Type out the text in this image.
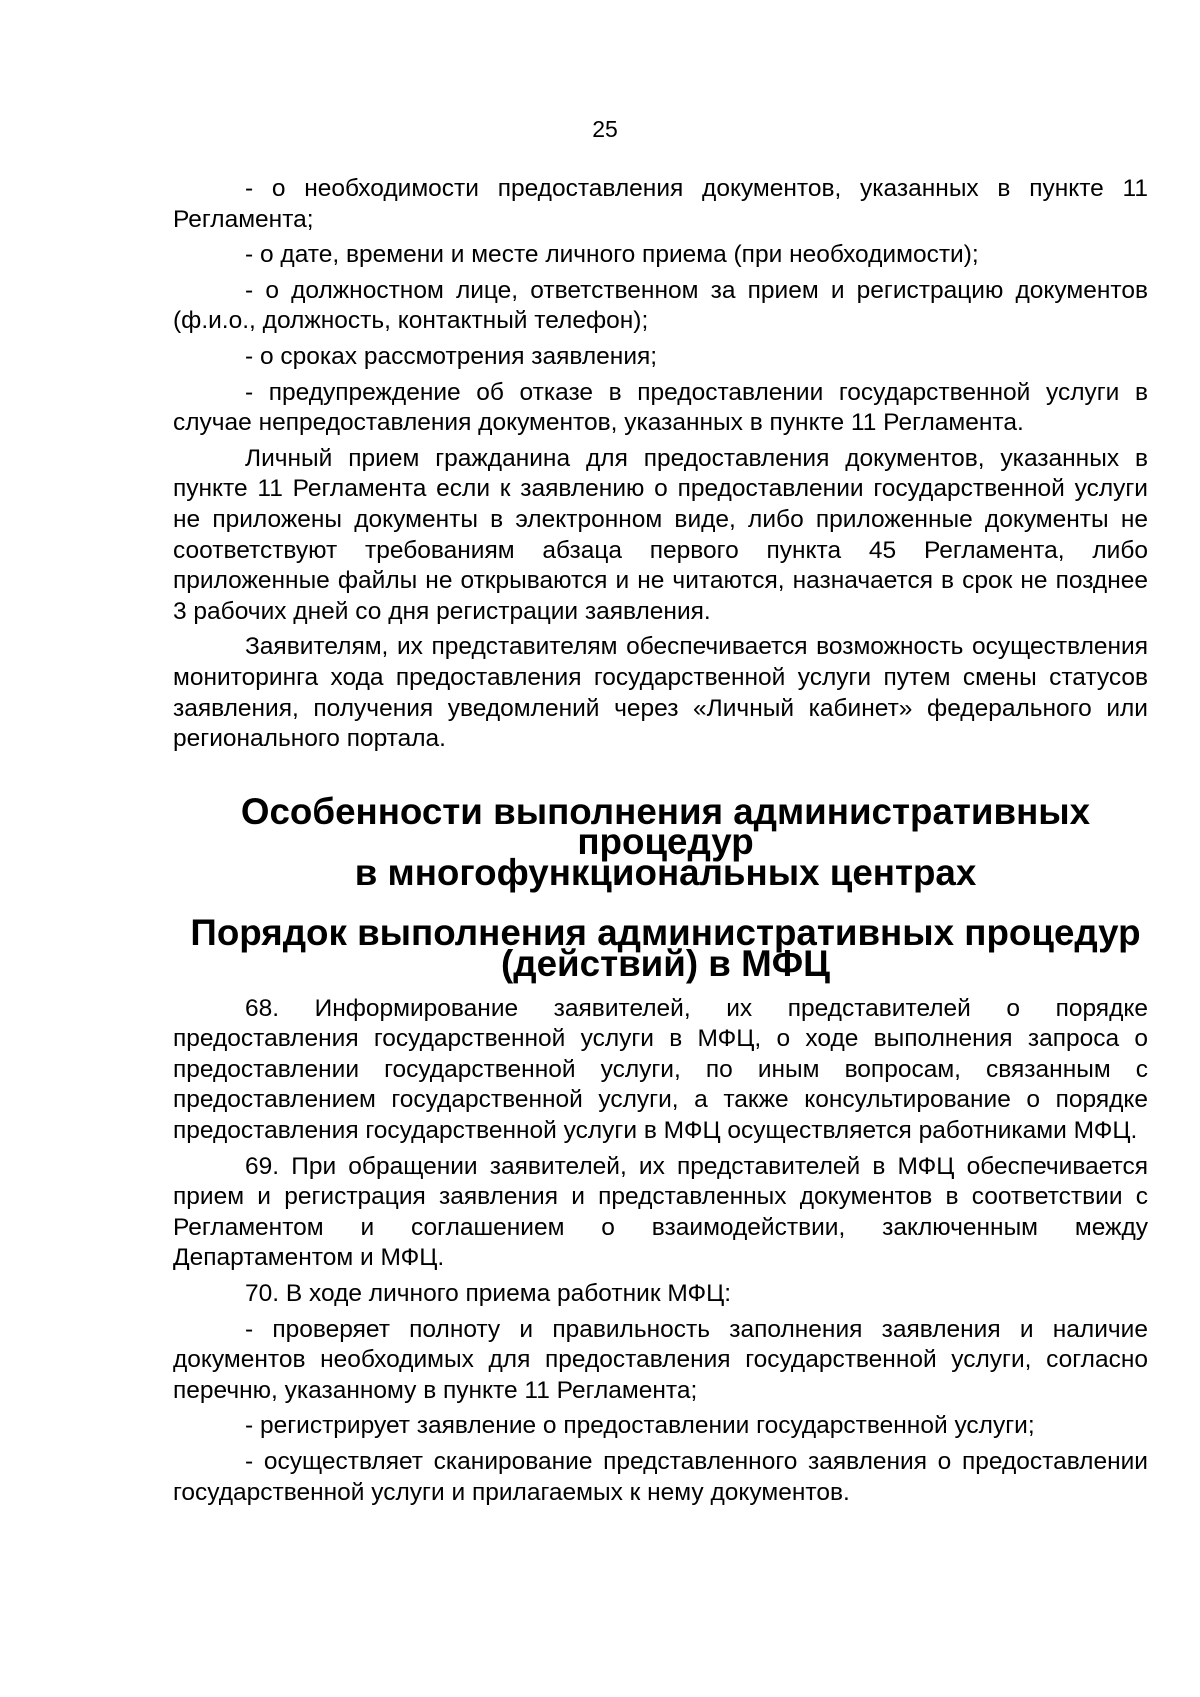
25

- о необходимости предоставления документов, указанных в пункте 11 Регламента;

- о дате, времени и месте личного приема (при необходимости);

- о должностном лице, ответственном за прием и регистрацию документов (ф.и.о., должность, контактный телефон);

- о сроках рассмотрения заявления;

- предупреждение об отказе в предоставлении государственной услуги в случае непредоставления документов, указанных в пункте 11 Регламента.

Личный прием гражданина для предоставления документов, указанных в пункте 11 Регламента если к заявлению о предоставлении государственной услуги не приложены документы в электронном виде, либо приложенные документы не соответствуют требованиям абзаца первого пункта 45 Регламента, либо приложенные файлы не открываются и не читаются, назначается в срок не позднее 3 рабочих дней со дня регистрации заявления.

Заявителям, их представителям обеспечивается возможность осуществления мониторинга хода предоставления государственной услуги путем смены статусов заявления, получения уведомлений через «Личный кабинет» федерального или регионального портала.

Особенности выполнения административных процедур
в многофункциональных центрах
Порядок выполнения административных процедур
(действий) в МФЦ

68. Информирование заявителей, их представителей о порядке предоставления государственной услуги в МФЦ, о ходе выполнения запроса о предоставлении государственной услуги, по иным вопросам, связанным с предоставлением государственной услуги, а также консультирование о порядке предоставления государственной услуги в МФЦ осуществляется работниками МФЦ.

69. При обращении заявителей, их представителей в МФЦ обеспечивается прием и регистрация заявления и представленных документов в соответствии с Регламентом и соглашением о взаимодействии, заключенным между Департаментом и МФЦ.

70. В ходе личного приема работник МФЦ:

- проверяет полноту и правильность заполнения заявления и наличие документов необходимых для предоставления государственной услуги, согласно перечню, указанному в пункте 11 Регламента;

- регистрирует заявление о предоставлении государственной услуги;

- осуществляет сканирование представленного заявления о предоставлении государственной услуги и прилагаемых к нему документов.
